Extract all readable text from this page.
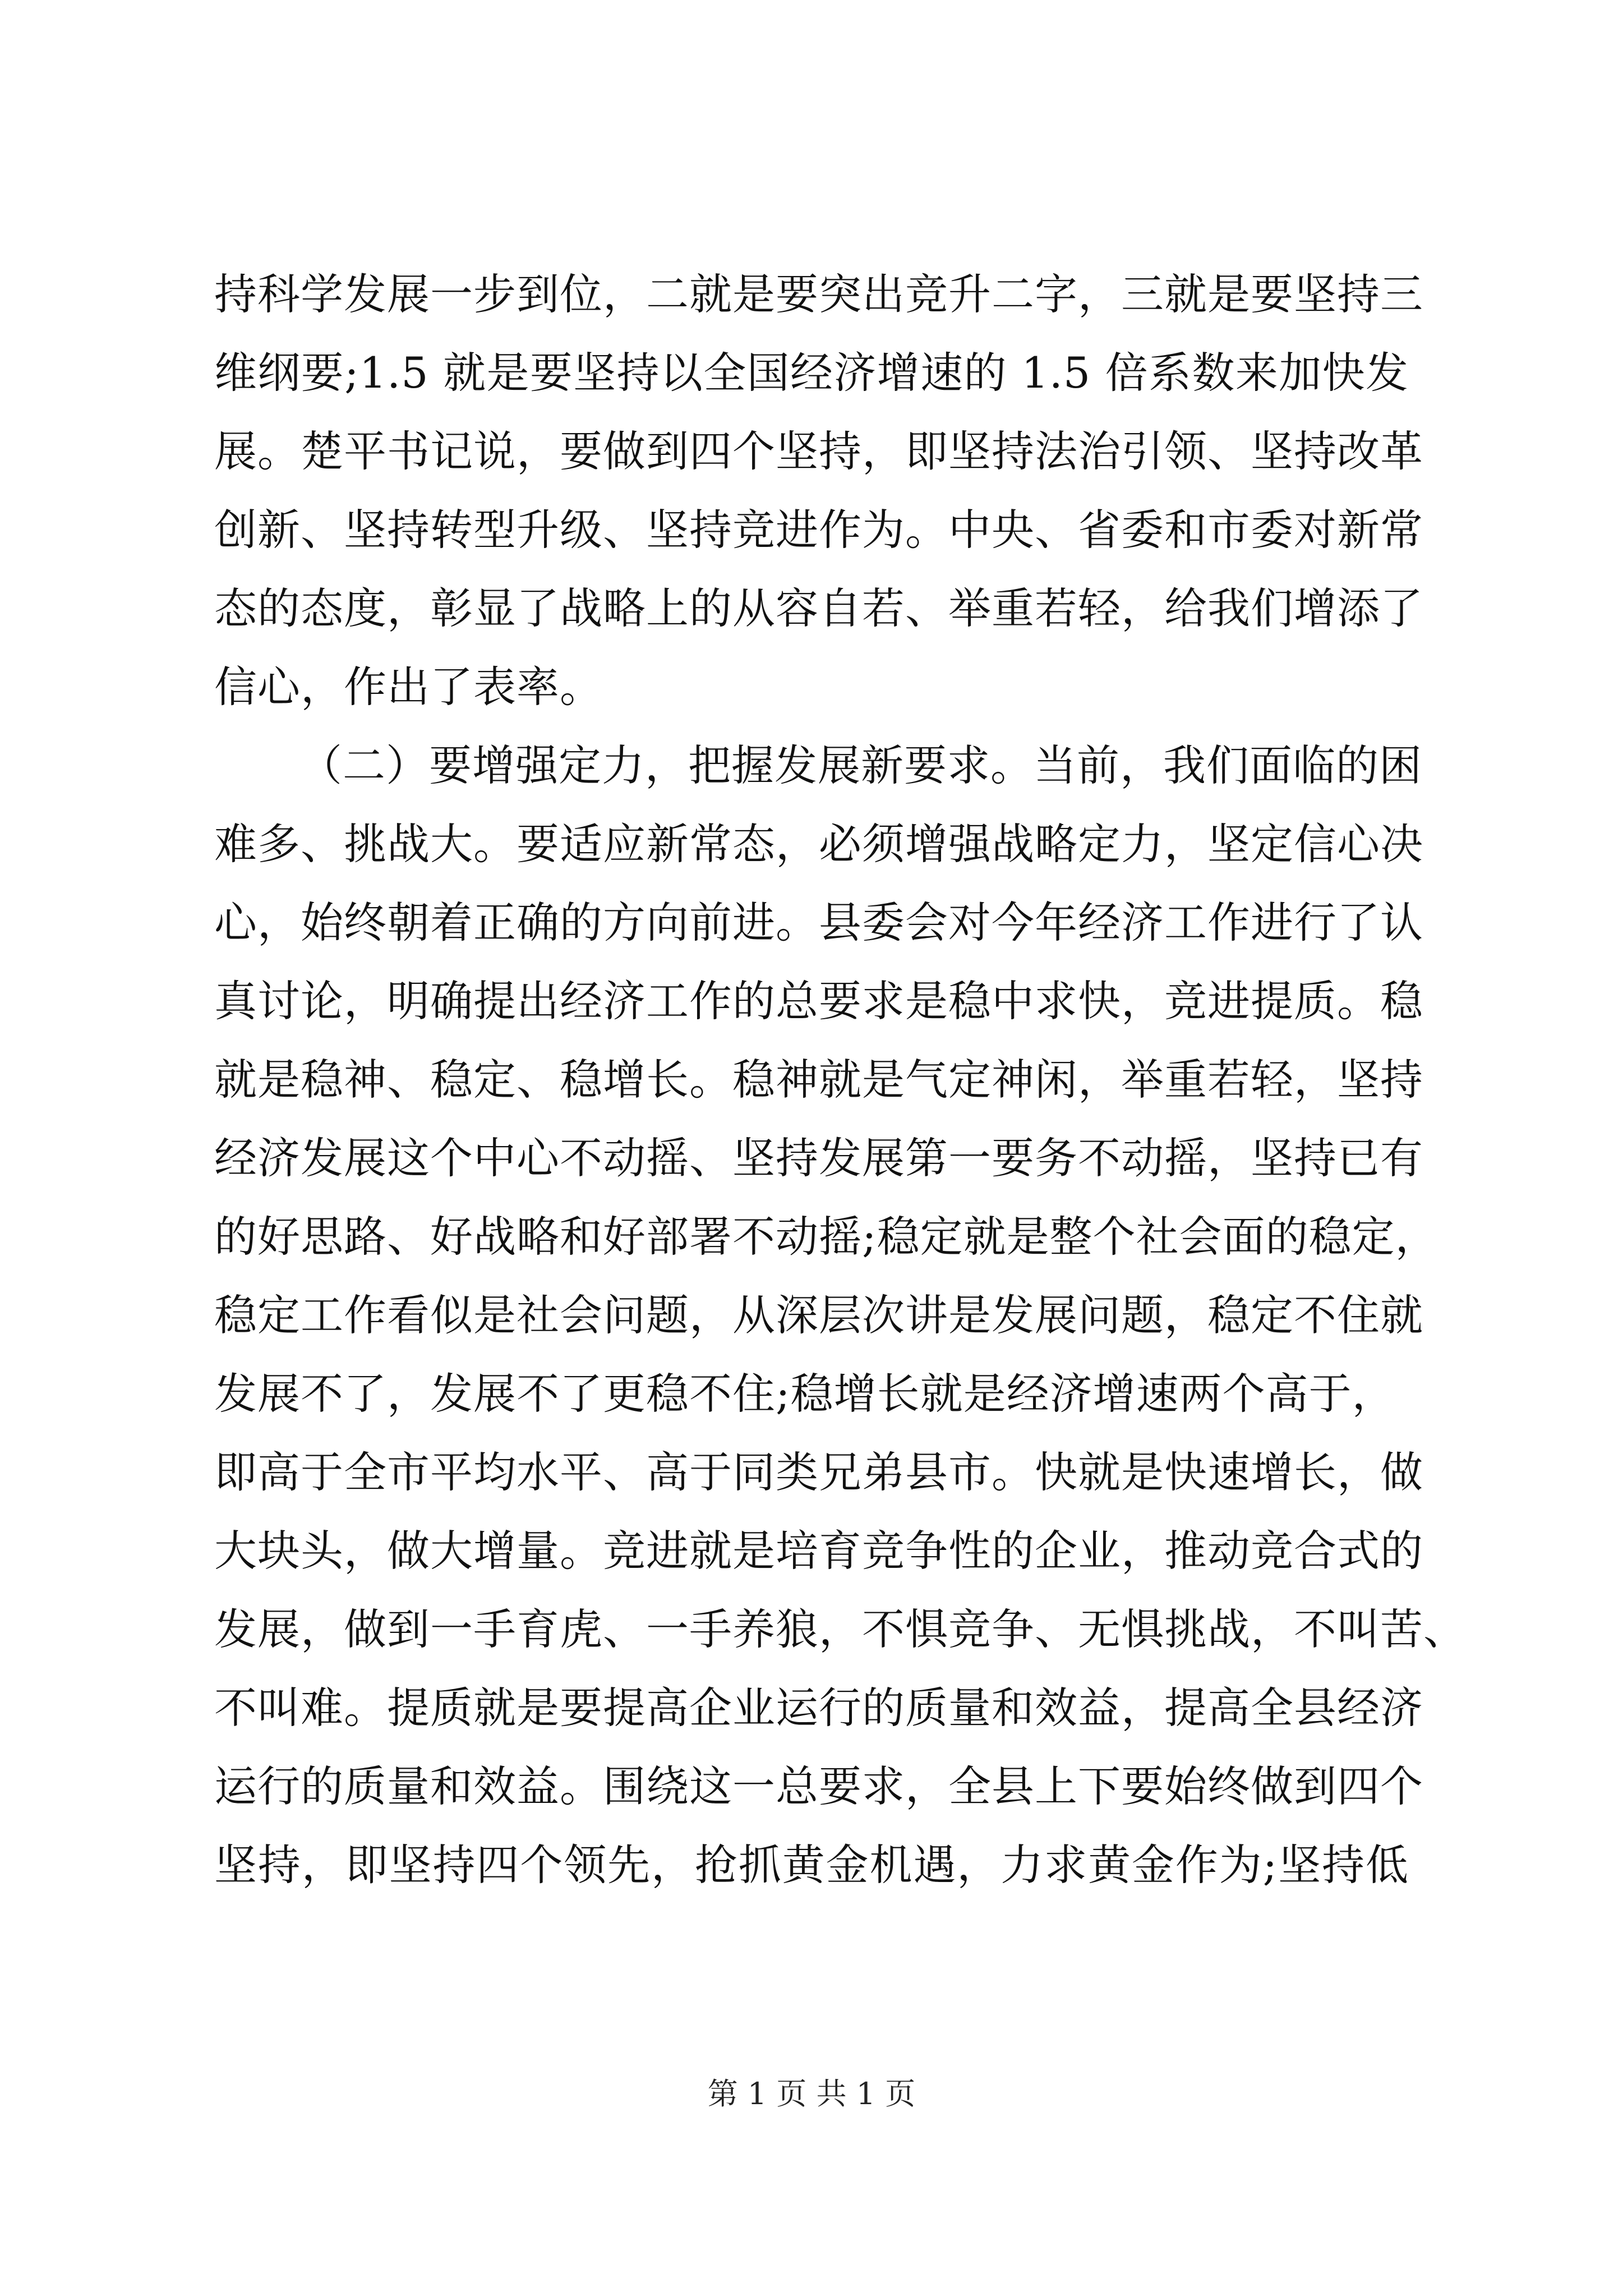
持科学发展一步到位，二就是要突出竞升二字，三就是要坚持三
维纲要;1.5 就是要坚持以全国经济增速的 1.5 倍系数来加快发
展。楚平书记说，要做到四个坚持，即坚持法治引领、坚持改革
创新、坚持转型升级、坚持竞进作为。中央、省委和市委对新常
态的态度，彰显了战略上的从容自若、举重若轻，给我们增添了
信心，作出了表率。
（二）要增强定力，把握发展新要求。当前，我们面临的困
难多、挑战大。要适应新常态，必须增强战略定力，坚定信心决
心，始终朝着正确的方向前进。县委会对今年经济工作进行了认
真讨论，明确提出经济工作的总要求是稳中求快，竞进提质。稳
就是稳神、稳定、稳增长。稳神就是气定神闲，举重若轻，坚持
经济发展这个中心不动摇、坚持发展第一要务不动摇，坚持已有
的好思路、好战略和好部署不动摇;稳定就是整个社会面的稳定，
稳定工作看似是社会问题，从深层次讲是发展问题，稳定不住就
发展不了，发展不了更稳不住;稳增长就是经济增速两个高于，
即高于全市平均水平、高于同类兄弟县市。快就是快速增长，做
大块头，做大增量。竞进就是培育竞争性的企业，推动竞合式的
发展，做到一手育虎、一手养狼，不惧竞争、无惧挑战，不叫苦、
不叫难。提质就是要提高企业运行的质量和效益，提高全县经济
运行的质量和效益。围绕这一总要求，全县上下要始终做到四个
坚持，即坚持四个领先，抢抓黄金机遇，力求黄金作为;坚持低
第 1 页 共 1 页
